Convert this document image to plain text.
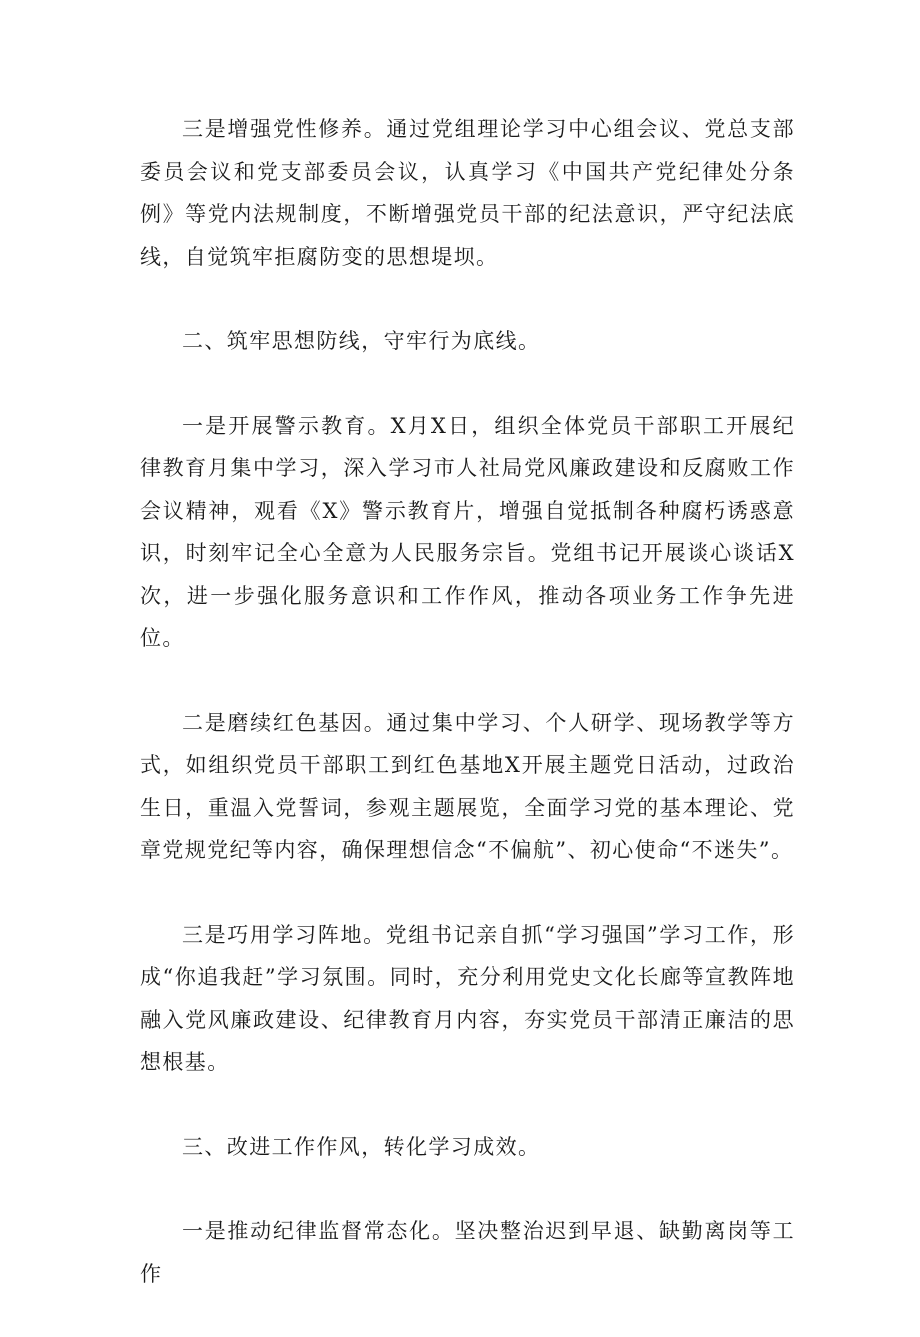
三是增强党性修养。通过党组理论学习中心组会议、党总支部委员会议和党支部委员会议，认真学习《中国共产党纪律处分条例》等党内法规制度，不断增强党员干部的纪法意识，严守纪法底线，自觉筑牢拒腐防变的思想堤坝。

二、筑牢思想防线，守牢行为底线。

一是开展警示教育。X月X日，组织全体党员干部职工开展纪律教育月集中学习，深入学习市人社局党风廉政建设和反腐败工作会议精神，观看《X》警示教育片，增强自觉抵制各种腐朽诱惑意识，时刻牢记全心全意为人民服务宗旨。党组书记开展谈心谈话X次，进一步强化服务意识和工作作风，推动各项业务工作争先进位。

二是磨续红色基因。通过集中学习、个人研学、现场教学等方式，如组织党员干部职工到红色基地X开展主题党日活动，过政治生日，重温入党誓词，参观主题展览，全面学习党的基本理论、党章党规党纪等内容，确保理想信念“不偏航”、初心使命“不迷失”。

三是巧用学习阵地。党组书记亲自抓“学习强国”学习工作，形成“你追我赶”学习氛围。同时，充分利用党史文化长廊等宣教阵地融入党风廉政建设、纪律教育月内容，夯实党员干部清正廉洁的思想根基。

三、改进工作作风，转化学习成效。

一是推动纪律监督常态化。坚决整治迟到早退、缺勤离岗等工作
